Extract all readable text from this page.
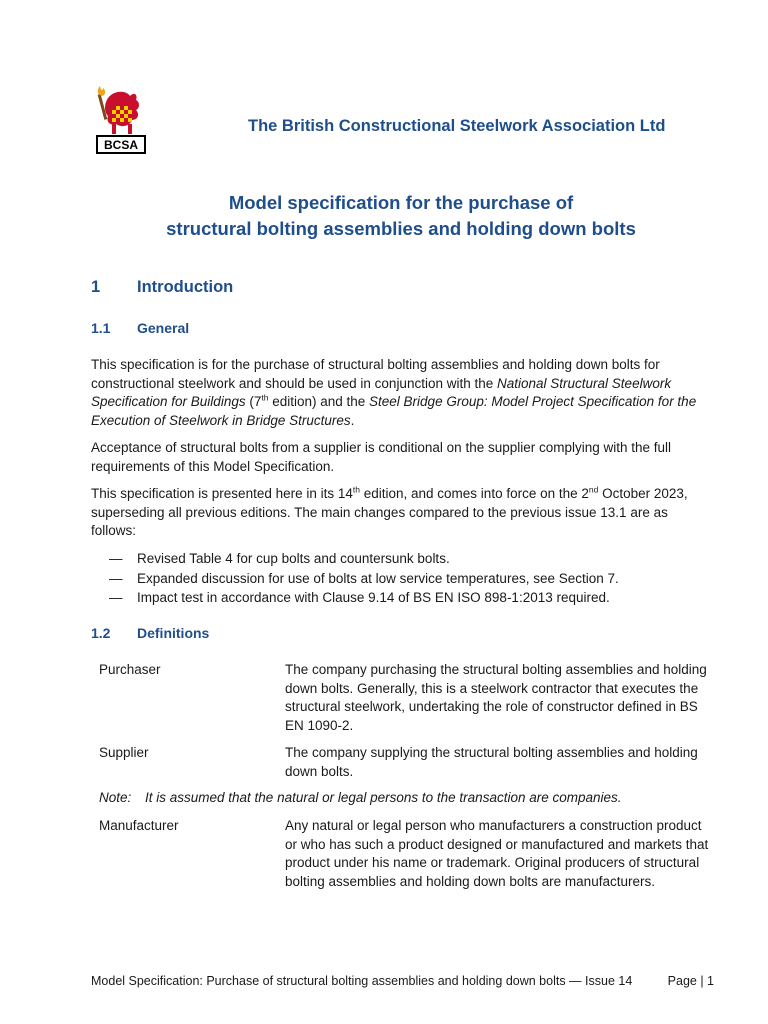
BCSA
The British Constructional Steelwork Association Ltd
Model specification for the purchase of
structural bolting assemblies and holding down bolts
1 Introduction
1.1 General
This specification is for the purchase of structural bolting assemblies and holding down bolts for constructional steelwork and should be used in conjunction with the National Structural Steelwork Specification for Buildings (7th edition) and the Steel Bridge Group: Model Project Specification for the Execution of Steelwork in Bridge Structures.
Acceptance of structural bolts from a supplier is conditional on the supplier complying with the full requirements of this Model Specification.
This specification is presented here in its 14th edition, and comes into force on the 2nd October 2023, superseding all previous editions. The main changes compared to the previous issue 13.1 are as follows:
— Revised Table 4 for cup bolts and countersunk bolts.
— Expanded discussion for use of bolts at low service temperatures, see Section 7.
— Impact test in accordance with Clause 9.14 of BS EN ISO 898-1:2013 required.
1.2 Definitions
Purchaser	The company purchasing the structural bolting assemblies and holding down bolts. Generally, this is a steelwork contractor that executes the structural steelwork, undertaking the role of constructor defined in BS EN 1090-2.
Supplier	The company supplying the structural bolting assemblies and holding down bolts.
Note: It is assumed that the natural or legal persons to the transaction are companies.
Manufacturer	Any natural or legal person who manufacturers a construction product or who has such a product designed or manufactured and markets that product under his name or trademark. Original producers of structural bolting assemblies and holding down bolts are manufacturers.
Model Specification: Purchase of structural bolting assemblies and holding down bolts — Issue 14	Page | 1
